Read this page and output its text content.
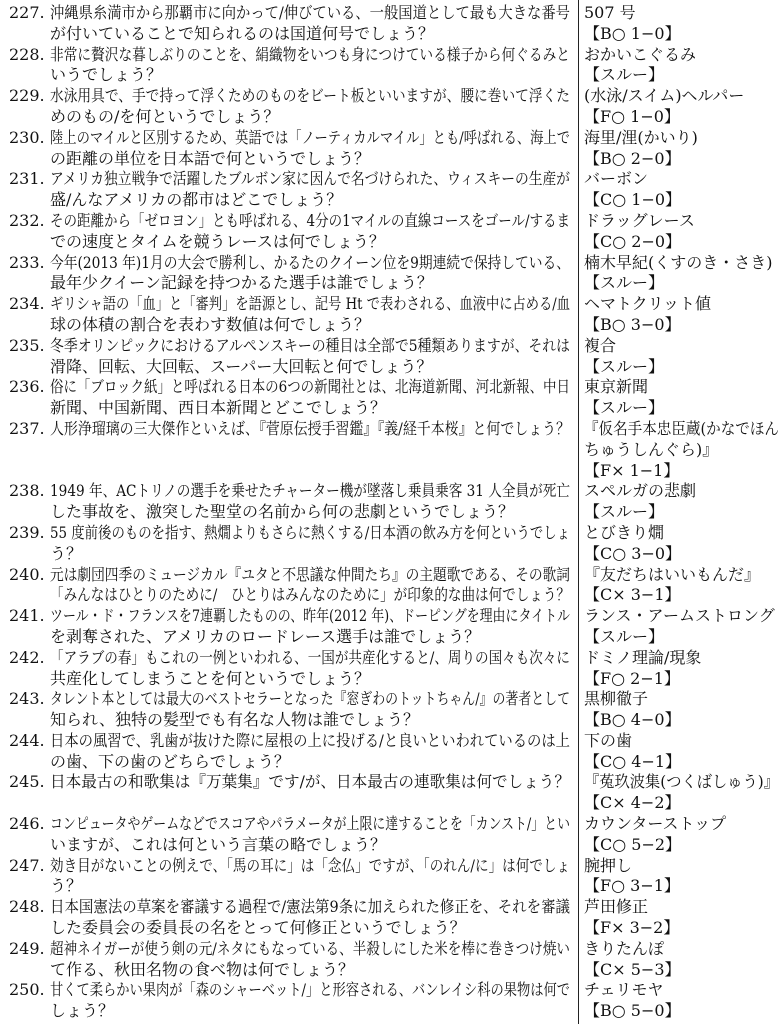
227. 沖縄県糸満市から那覇市に向かって/伸びている、一般国道として最も大きな番号
が付いていることで知られるのは国道何号でしょう？
507 号
【B○ 1−0】
228. 非常に贅沢な暮しぶりのことを、絹織物をいつも身につけている様子から何ぐるみと
いうでしょう？
おかいこぐるみ
【スルー】
229. 水泳用具で、手で持って浮くためのものをビート板といいますが、腰に巻いて浮くた
めのもの/を何というでしょう？
(水泳/スイム)ヘルパー
【F○ 1−0】
230. 陸上のマイルと区別するため、英語では「ノーティカルマイル」とも/呼ばれる、海上で
の距離の単位を日本語で何というでしょう？
海里/浬(かいり)
【B○ 2−0】
231. アメリカ独立戦争で活躍したブルボン家に因んで名づけられた、ウィスキーの生産が
盛/んなアメリカの都市はどこでしょう？
バーボン
【C○ 1−0】
232. その距離から「ゼロヨン」とも呼ばれる、4分の1マイルの直線コースをゴール/するま
での速度とタイムを競うレースは何でしょう？
ドラッグレース
【C○ 2−0】
233. 今年(2013 年)1月の大会で勝利し、かるたのクイーン位を9期連続で保持している、
最年少クイーン記録を持つかるた選手は誰でしょう？
楠木早紀(くすのき・さき)
【スルー】
234. ギリシャ語の「血」と「審判」を語源とし、記号 Ht で表わされる、血液中に占める/血
球の体積の割合を表わす数値は何でしょう？
ヘマトクリット値
【B○ 3−0】
235. 冬季オリンピックにおけるアルペンスキーの種目は全部で5種類ありますが、それは
滑降、回転、大回転、スーパー大回転と何でしょう？
複合
【スルー】
236. 俗に「ブロック紙」と呼ばれる日本の6つの新聞社とは、北海道新聞、河北新報、中日
新聞、中国新聞、西日本新聞とどこでしょう？
東京新聞
【スルー】
237. 人形浄瑠璃の三大傑作といえば、『菅原伝授手習鑑』『義/経千本桜』と何でしょう？ 『仮名手本忠臣蔵(かなでほん
ちゅうしんぐら)』
【F× 1−1】
238. 1949 年、ACトリノの選手を乗せたチャーター機が墜落し乗員乗客 31 人全員が死亡
した事故を、激突した聖堂の名前から何の悲劇というでしょう？
スペルガの悲劇
【スルー】
239. 55 度前後のものを指す、熱燗よりもさらに熱くする/日本酒の飲み方を何というでしょ
う？
とびきり燗
【C○ 3−0】
240. 元は劇団四季のミュージカル『ユタと不思議な仲間たち』の主題歌である、その歌詞
「みんなはひとりのために/　ひとりはみんなのために」が印象的な曲は何でしょう？
『友だちはいいもんだ』
【C× 3−1】
241. ツール・ド・フランスを7連覇したものの、昨年(2012 年)、ドーピングを理由にタイトル
を剥奪された、アメリカのロードレース選手は誰でしょう？
ランス・アームストロング
【スルー】
242. 「アラブの春」もこれの一例といわれる、一国が共産化すると/、周りの国々も次々に
共産化してしまうことを何というでしょう？
ドミノ理論/現象
【F○ 2−1】
243. タレント本としては最大のベストセラーとなった『窓ぎわのトットちゃん/』の著者として
知られ、独特の髪型でも有名な人物は誰でしょう？
黒柳徹子
【B○ 4−0】
244. 日本の風習で、乳歯が抜けた際に屋根の上に投げる/と良いといわれているのは上
の歯、下の歯のどちらでしょう？
下の歯
【C○ 4−1】
245. 日本最古の和歌集は『万葉集』です/が、日本最古の連歌集は何でしょう？ 『菟玖波集(つくばしゅう)』
【C× 4−2】
246. コンピュータやゲームなどでスコアやパラメータが上限に達することを「カンスト/」とい
いますが、これは何という言葉の略でしょう？
カウンターストップ
【C○ 5−2】
247. 効き目がないことの例えで、「馬の耳に」は「念仏」ですが、「のれん/に」は何でしょ
う？
腕押し
【F○ 3−1】
248. 日本国憲法の草案を審議する過程で/憲法第9条に加えられた修正を、それを審議
した委員会の委員長の名をとって何修正というでしょう？
芦田修正
【F× 3−2】
249. 超神ネイガーが使う剣の元/ネタにもなっている、半殺しにした米を棒に巻きつけ焼い
て作る、秋田名物の食べ物は何でしょう？
きりたんぽ
【C× 5−3】
250. 甘くて柔らかい果肉が「森のシャーベット/」と形容される、バンレイシ科の果物は何で
しょう？
チェリモヤ
【B○ 5−0】
